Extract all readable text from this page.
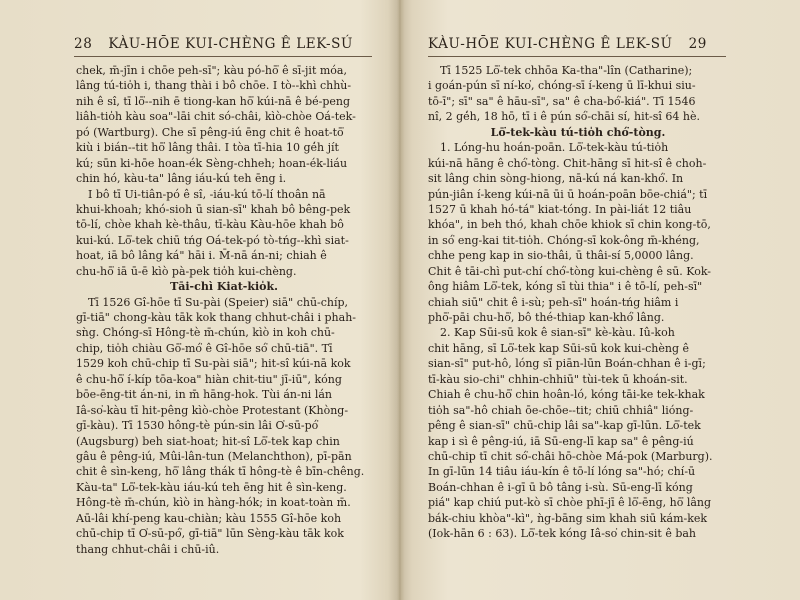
28 KÀU-HŌE KUI-CHÈNG Ê LEK-SÚ
chek, m̄-jīn i chōe peh-sī"; kàu pó-hō͘ ê sī-jit móa,
lâng tú-tio̍h i, thang thài i bô chōe. I tò--khì chhù-
nih ê sî, tī lō͘--nih ē tiong-kan hō͘ kúi-nā ê bé-peng
liâh-tio̍h kàu soa"-lāi chit só-châi, kìò-chòe Oá-tek-
pó (Wartburg). Che sī pêng-iú ēng chit ê hoat-tō͘
kiù i bián--tit hō͘ lâng thâi. I tòa tī-hia 10 gé̍h jít
kú; sūn ki-hōe hoan-ék Sèng-chheh; hoan-ék-liáu
chin hó, kàu-ta" lâng iáu-kú teh ēng i.
I bô tī Ui-tiân-pó ê sî, -iáu-kú tō-lí thoân nā
khui-khoah; khó-sioh ū sian-sī" khah bô bêng-pek
tō-lí, chòe khah kè-thâu, tī-kàu Kàu-hōe khah bô
kui-kú. Lō͘-tek chiū tńg Oá-tek-pó tò-tńg--khì siat-
hoat, iā bô lâng ká" hāi i. M̄-nā án-ni; chiah ê
chu-hō͘ iā ū-ē kìò pà-pek tio̍h kui-chèng.
Tāi-chì Kiat-kio̍k.
Tī 1526 Gî-hōe tī Su-pài (Speier) siā" chū-chíp,
gī-tiā" chong-kàu tāk kok thang chhut-châi i phah-
sǹg. Chóng-sī Hông-tè m̄-chún, kìò in koh chū-
chip, tio̍h chiàu Gō͘-mó͘ ê Gî-hōe só͘ chū-tiā". Tī
1529 koh chū-chip tī Su-pài siā"; hit-sî kúi-nā kok
ê chu-hō͘ í-kíp tōa-koa" hiàn chit-tiu" jī-iū", kóng
bōe-ēng-tit án-ni, in m̄ hāng-hok. Tùi án-ni lán
Iâ-so͘-kàu tī hit-pêng kìò-chòe Protestant (Khòng-
gī-kàu). Tī 1530 hông-tè pún-sin lâi O͘-sū-pó͘
(Augsburg) beh siat-hoat; hit-sî Lō͘-tek kap chin
gâu ê pêng-iú, Mûi-lân-tun (Melanchthon), pī-pān
chit ê sìn-keng, hō͘ lâng thák tī hông-tè ê bīn-chêng.
Kàu-ta" Lō͘-tek-kàu iáu-kú teh ēng hit ê sìn-keng.
Hông-tè m̄-chún, kìò in hàng-hók; in koat-toàn m̄.
Aū-lâi khí-peng kau-chiàn; kàu 1555 Gî-hōe koh
chū-chip tī O͘-sū-pó͘, gī-tiā" lūn Sèng-kàu tāk kok
thang chhut-châi i chū-iû.
KÀU-HŌE KUI-CHÈNG Ê LEK-SÚ 29
Tī 1525 Lō͘-tek chhōa Ka-tha"-lîn (Catharine);
i goán-pún sī ní-ko͘, chóng-sī í-keng ū lī-khui siu-
tō-ī"; sī" sa" ê hāu-sī", sa" ê cha-bó͘-kiá". Tī 1546
nî, 2 gé̍h, 18 hō, tī i ê pún só͘-chāi sí, hit-sî 64 hè.
Lō͘-tek-kàu tú-tio̍h chó͘-tòng.
1. Lóng-hu hoán-poān. Lō͘-tek-kàu tú-tio̍h
kúi-nā hāng ê chó͘-tòng. Chit-hāng sī hit-sî ê choh-
sit lâng chin sòng-hiong, nā-kú ná kan-khó͘. In
pún-jiân í-keng kúi-nā ūi ū hoán-poān bōe-chiá"; tī
1527 ū khah hó-tá" kiat-tóng. In pài-liát 12 tiâu
khóa", in beh thó, khah chōe khiok sī chin kong-tō,
in só͘ eng-kai tit-tio̍h. Chóng-sī kok-ông m̄-khéng,
chhe peng kap in sio-thâi, ū thâi-sí 5,0000 lâng.
Chit ê tāi-chì put-chí chó͘-tòng kui-chèng ê sū. Kok-
ông hiâm Lō͘-tek, kóng sī tùi thia" i ê tō-lí, peh-sī"
chiah siū" chit ê i-sù; peh-sī" hoán-tńg hiâm i
phō͘-pāi chu-hō͘, bô thé-thiap kan-khó͘ lâng.
2. Kap Sūi-sū kok ê sian-sī" kè-kàu. Iû-koh
chit hāng, sī Lō͘-tek kap Sūi-sū kok kui-chèng ê
sian-sī" put-hô, lóng sī piān-lūn Boán-chhan ê i-gī;
tī-kàu sio-chi" chhin-chhiū" tùi-tek ū khoán-sit.
Chiah ê chu-hō͘ chin hoân-ló, kóng tāi-ke tek-khak
tio̍h sa"-hô chiah ōe-chōe--tit; chiū chhiâ" lióng-
pêng ê sian-sī" chū-chip lâi sa"-kap gī-lūn. Lō͘-tek
kap i sì ê pêng-iú, iā Sū-eng-lī kap sa" ê pêng-iú
chū-chip tī chit só͘-châi hō-chòe Má-pok (Marburg).
In gī-lūn 14 tiâu iáu-kín ê tō-lí lóng sa"-hó; chí-ū
Boán-chhan ê i-gī ū bô tâng i-sù. Sū-eng-lī kóng
piá" kap chiú put-kò sī chòe phī-jī ê lō͘-ēng, hō͘ lâng
bák-chiu khòa"-kì", ǹg-bāng sim khah siū kám-kek
(Iok-hān 6 : 63). Lō͘-tek kóng Iâ-so͘ chin-sit ê bah
